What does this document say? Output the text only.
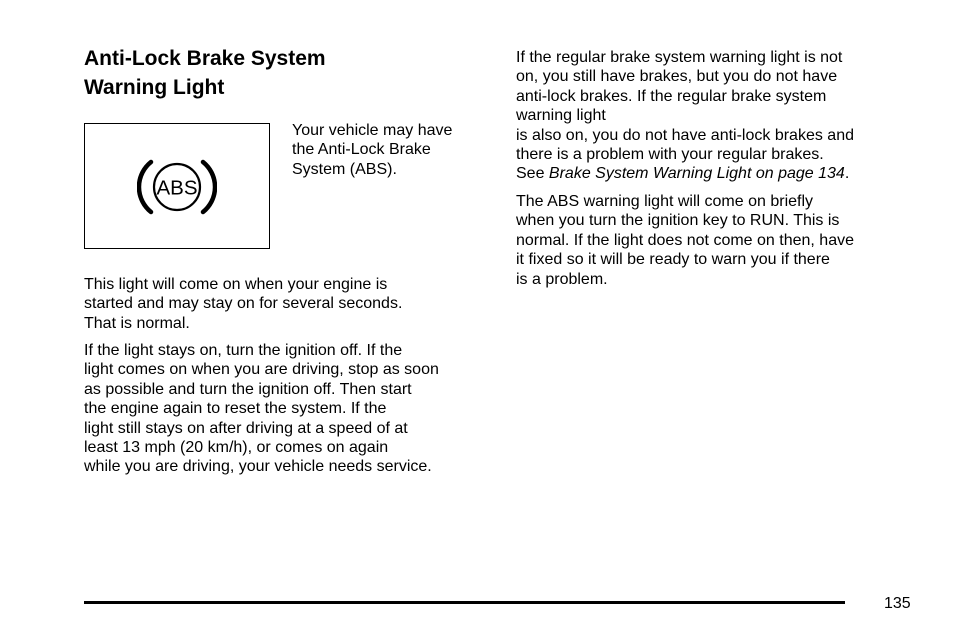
Anti-Lock Brake System
Warning Light
ABS

Your vehicle may have
the Anti-Lock Brake
System (ABS).

This light will come on when your engine is
started and may stay on for several seconds.
That is normal.

If the light stays on, turn the ignition off. If the
light comes on when you are driving, stop as soon
as possible and turn the ignition off. Then start
the engine again to reset the system. If the
light still stays on after driving at a speed of at
least 13 mph (20 km/h), or comes on again
while you are driving, your vehicle needs service.

If the regular brake system warning light is not
on, you still have brakes, but you do not have
anti-lock brakes. If the regular brake system
warning light
is also on, you do not have anti-lock brakes and
there is a problem with your regular brakes.
See Brake System Warning Light on page 134.

The ABS warning light will come on briefly
when you turn the ignition key to RUN. This is
normal. If the light does not come on then, have
it fixed so it will be ready to warn you if there
is a problem.

135
